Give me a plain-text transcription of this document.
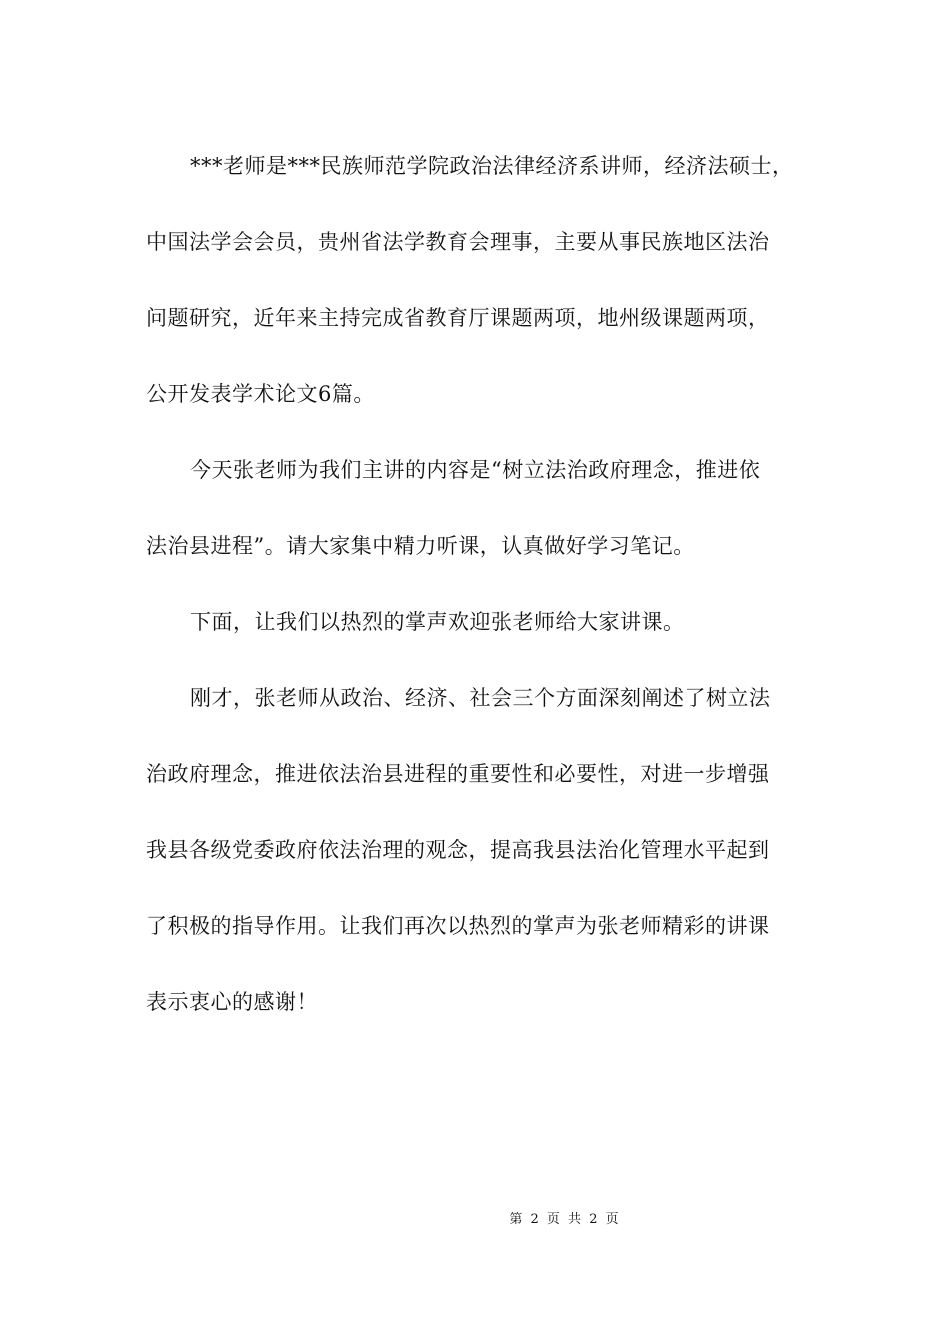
***老师是***民族师范学院政治法律经济系讲师，经济法硕士，
中国法学会会员，贵州省法学教育会理事，主要从事民族地区法治
问题研究，近年来主持完成省教育厅课题两项，地州级课题两项，
公开发表学术论文6篇。
今天张老师为我们主讲的内容是“树立法治政府理念，推进依
法治县进程”。请大家集中精力听课，认真做好学习笔记。
下面，让我们以热烈的掌声欢迎张老师给大家讲课。
刚才，张老师从政治、经济、社会三个方面深刻阐述了树立法
治政府理念，推进依法治县进程的重要性和必要性，对进一步增强
我县各级党委政府依法治理的观念，提高我县法治化管理水平起到
了积极的指导作用。让我们再次以热烈的掌声为张老师精彩的讲课
表示衷心的感谢！
第 2 页 共 2 页
